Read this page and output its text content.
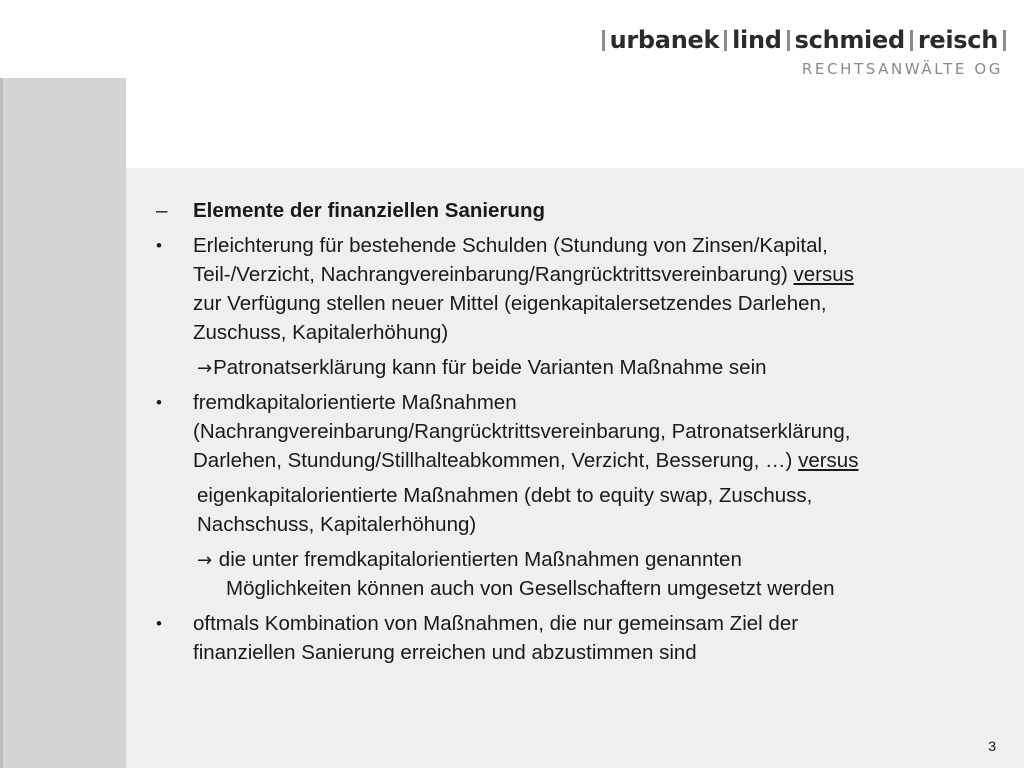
urbanek lind schmied reisch
RECHTSANWÄLTE OG
–	Elemente der finanziellen Sanierung
•	Erleichterung für bestehende Schulden (Stundung von Zinsen/Kapital,
Teil-/Verzicht, Nachrangvereinbarung/Rangrücktrittsvereinbarung) versus
zur Verfügung stellen neuer Mittel (eigenkapitalersetzendes Darlehen,
Zuschuss, Kapitalerhöhung)
→Patronatserklärung kann für beide Varianten Maßnahme sein
•	fremdkapitalorientierte Maßnahmen
(Nachrangvereinbarung/Rangrücktrittsvereinbarung, Patronatserklärung,
Darlehen, Stundung/Stillhalteabkommen, Verzicht, Besserung, …) versus
eigenkapitalorientierte Maßnahmen (debt to equity swap, Zuschuss,
Nachschuss, Kapitalerhöhung)
→ die unter fremdkapitalorientierten Maßnahmen genannten
Möglichkeiten können auch von Gesellschaftern umgesetzt werden
•	oftmals Kombination von Maßnahmen, die nur gemeinsam Ziel der
finanziellen Sanierung erreichen und abzustimmen sind
3
